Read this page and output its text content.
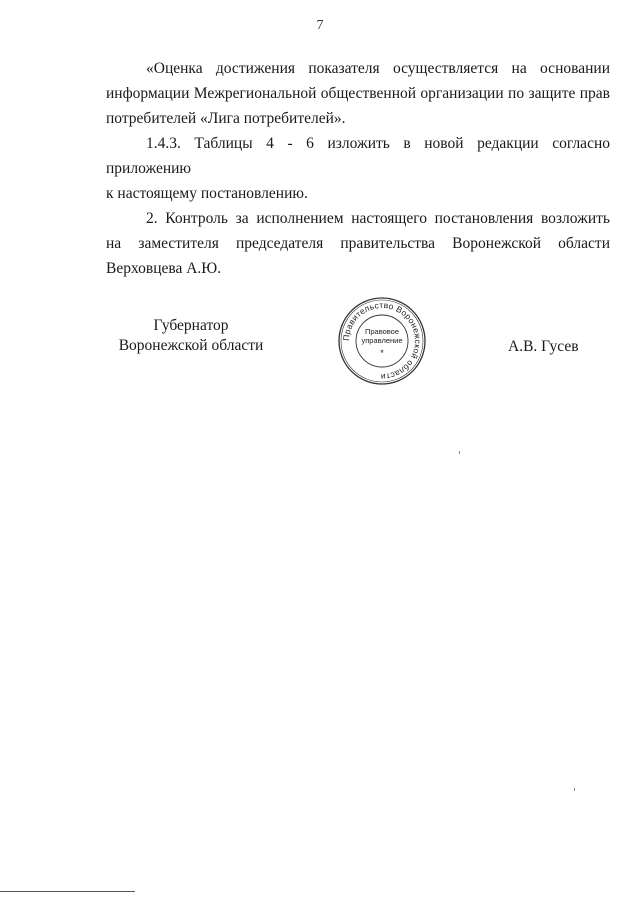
7

«Оценка достижения показателя осуществляется на основании

информации Межрегиональной общественной организации по защите прав

потребителей «Лига потребителей».

1.4.3. Таблицы 4 - 6 изложить в новой редакции согласно приложению

к настоящему постановлению.

2. Контроль за исполнением настоящего постановления возложить

на заместителя председателя правительства Воронежской области

Верховцева А.Ю.

Губернатор
Воронежской области	Правительство Воронежской области
Правовое
управление
*	А.В. Гусев
